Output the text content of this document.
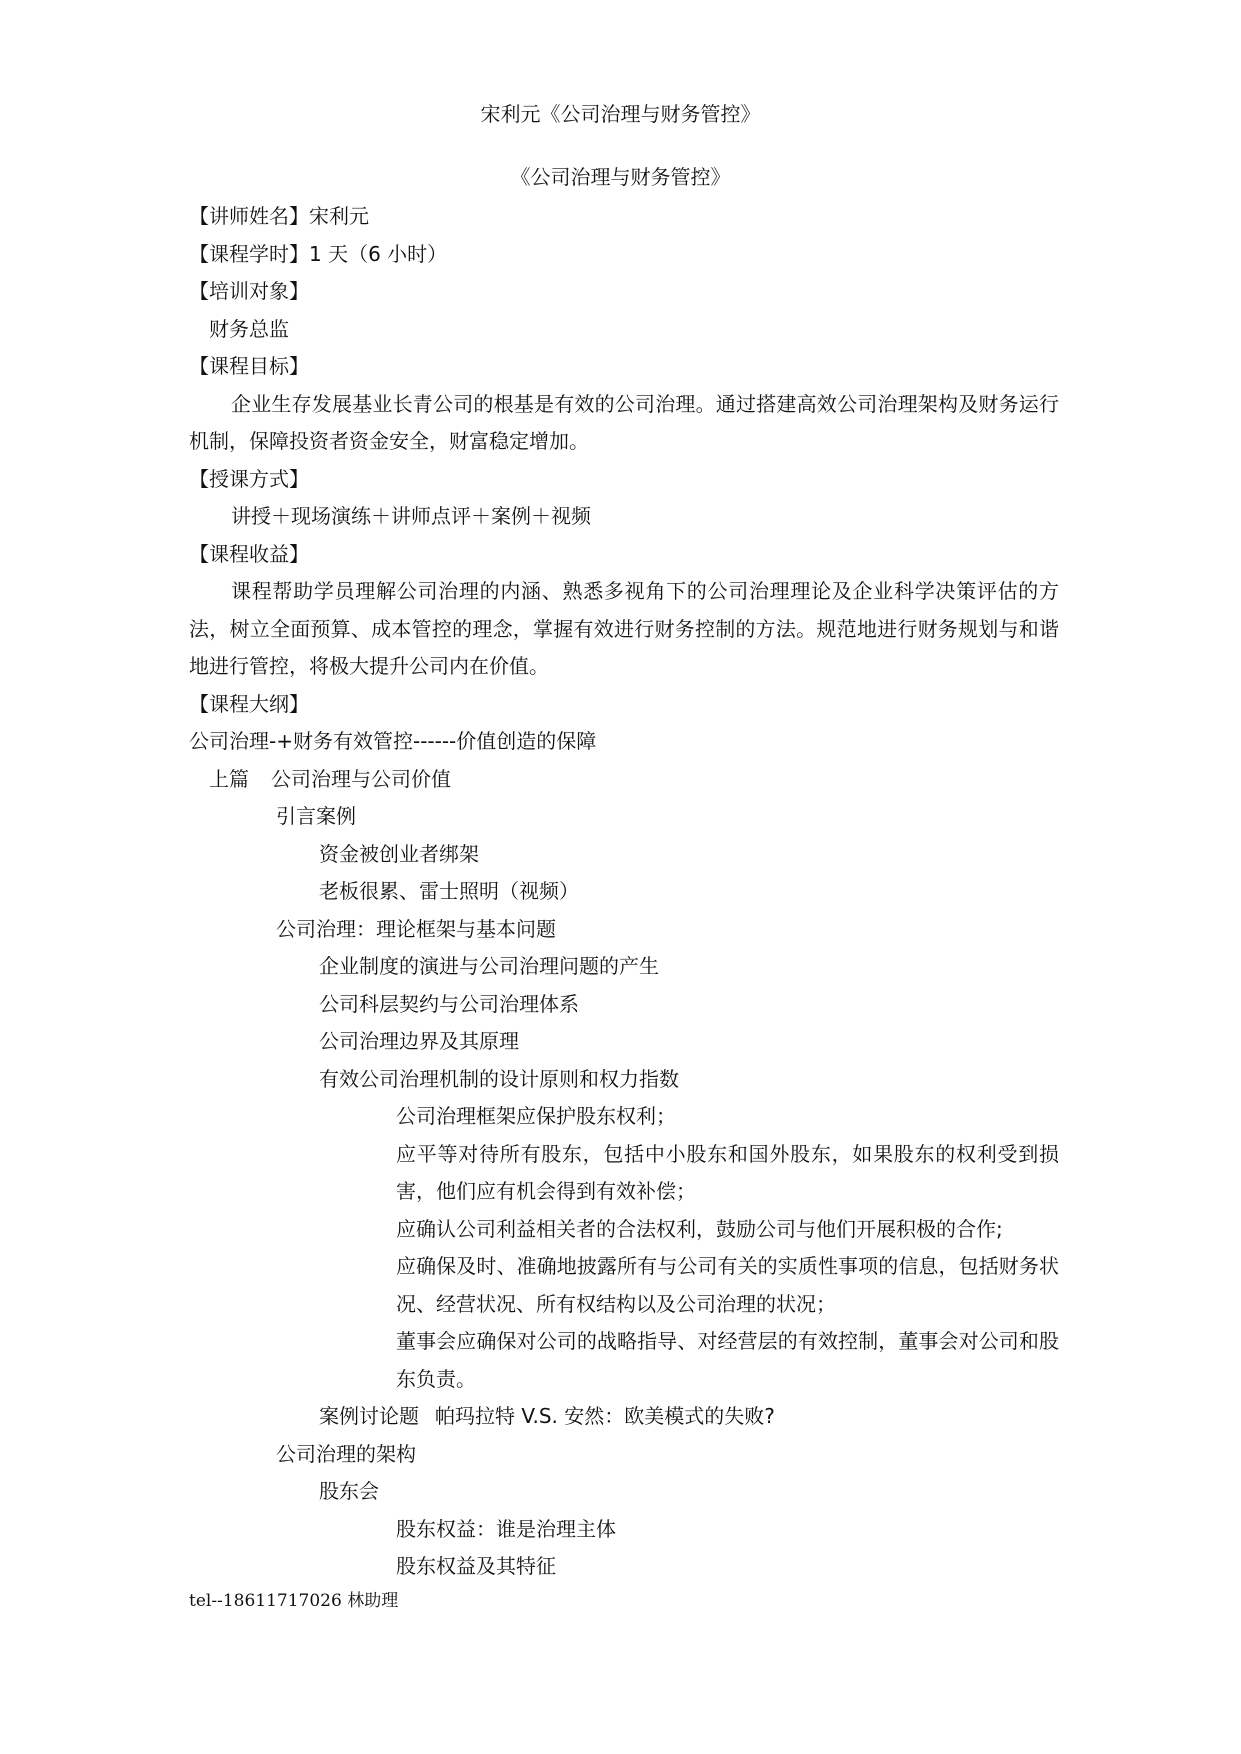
宋利元《公司治理与财务管控》
《公司治理与财务管控》
【讲师姓名】宋利元
【课程学时】1 天（6 小时）
【培训对象】
财务总监
【课程目标】
企业生存发展基业长青公司的根基是有效的公司治理。通过搭建高效公司治理架构及财务运行机制，保障投资者资金安全，财富稳定增加。
【授课方式】
讲授＋现场演练＋讲师点评＋案例＋视频
【课程收益】
课程帮助学员理解公司治理的内涵、熟悉多视角下的公司治理理论及企业科学决策评估的方法，树立全面预算、成本管控的理念，掌握有效进行财务控制的方法。规范地进行财务规划与和谐地进行管控，将极大提升公司内在价值。
【课程大纲】
公司治理-+财务有效管控------价值创造的保障
上篇 公司治理与公司价值
引言案例
资金被创业者绑架
老板很累、雷士照明（视频）
公司治理：理论框架与基本问题
企业制度的演进与公司治理问题的产生
公司科层契约与公司治理体系
公司治理边界及其原理
有效公司治理机制的设计原则和权力指数
公司治理框架应保护股东权利；
应平等对待所有股东，包括中小股东和国外股东，如果股东的权利受到损害，他们应有机会得到有效补偿；
应确认公司利益相关者的合法权利，鼓励公司与他们开展积极的合作;
应确保及时、准确地披露所有与公司有关的实质性事项的信息，包括财务状况、经营状况、所有权结构以及公司治理的状况；
董事会应确保对公司的战略指导、对经营层的有效控制，董事会对公司和股东负责。
案例讨论题 帕玛拉特 V.S. 安然：欧美模式的失败?
公司治理的架构
股东会
股东权益：谁是治理主体
股东权益及其特征
tel--18611717026 林助理
